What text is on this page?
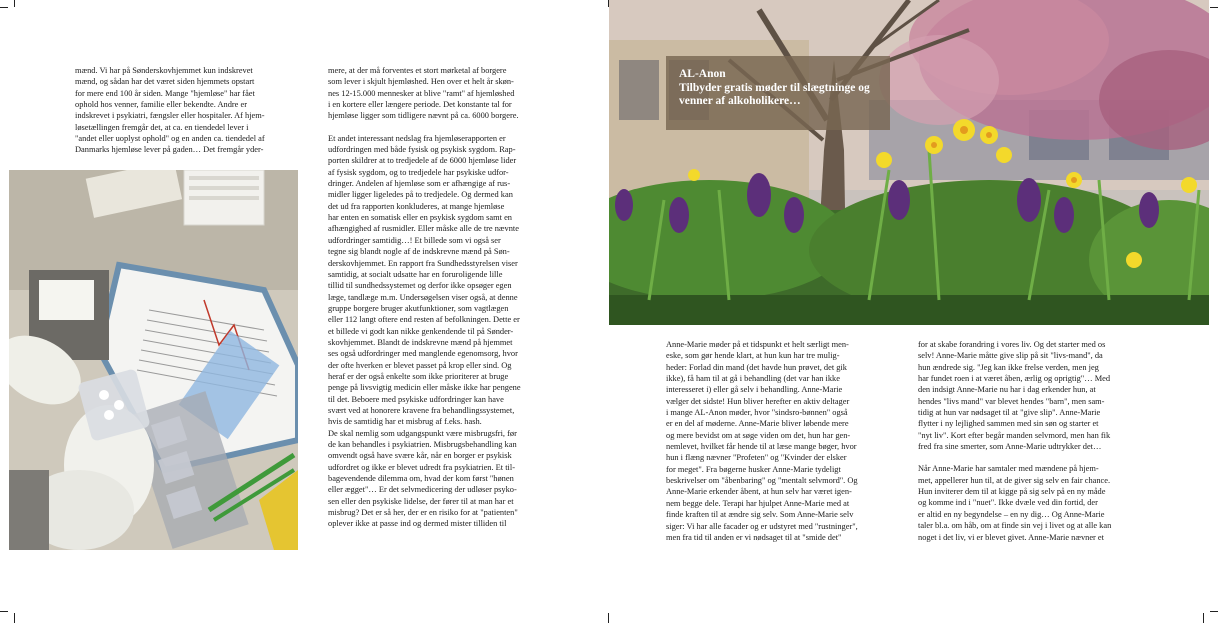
mænd. Vi har på Sønderskovhjemmet kun indskrevet
mænd, og sådan har det været siden hjemmets opstart
for mere end 100 år siden. Mange "hjemløse" har fået
ophold hos venner, familie eller bekendte. Andre er
indskrevet i psykiatri, fængsler eller hospitaler. Af hjem-
løsetællingen fremgår det, at ca. en tiendedel lever i
"andet eller uoplyst ophold" og en anden ca. tiendedel af
Danmarks hjemløse lever på gaden… Det fremgår yder-

mere, at der må forventes et stort mørketal af borgere
som lever i skjult hjemløshed. Hen over et helt år skøn-
nes 12-15.000 mennesker at blive "ramt" af hjemløshed
i en kortere eller længere periode. Det konstante tal for
hjemløse ligger som tidligere nævnt på ca. 6000 borgere.

Et andet interessant nedslag fra hjemløserapporten er
udfordringen med både fysisk og psykisk sygdom. Rap-
porten skildrer at to tredjedele af de 6000 hjemløse lider
af fysisk sygdom, og to tredjedele har psykiske udfor-
dringer. Andelen af hjemløse som er afhængige af rus-
midler ligger ligeledes på to tredjedele. Og dermed kan
det ud fra rapporten konkluderes, at mange hjemløse
har enten en somatisk eller en psykisk sygdom samt en
afhængighed af rusmidler. Eller måske alle de tre nævnte
udfordringer samtidig…! Et billede som vi også ser
tegne sig blandt nogle af de indskrevne mænd på Søn-
derskovhjemmet. En rapport fra Sundhedsstyrelsen viser
samtidig, at socialt udsatte har en forurolige​nde lille
tillid til sundhedssystemet og derfor ikke opsøger egen
læge, tandlæge m.m. Undersøgelsen viser også, at denne
gruppe borgere bruger akutfunktioner, som vagtlægen
eller 112 langt oftere end resten af befolkningen. Dette er
et billede vi godt kan nikke genkendende til på Sønder-
skovhjemmet. Blandt de indskrevne mænd på hjemmet
ses også udfordringer med manglende egenomsorg, hvor
der ofte hverken er blevet passet på krop eller sind. Og
heraf er der også enkelte som ikke prioriterer at bruge
penge på livsvigtig medicin eller måske ikke har pengene
til det. Beboere med psykiske udfordringer kan have
svært ved at honorere kravene fra behandlingssystemet,
hvis de samtidig har et misbrug af f.eks. hash.

De skal nemlig som udgangspunkt være misbrugsfri, før
de kan behandles i psykiatrien. Misbrugsbehandling kan
omvendt også have svære kår, når en borger er psykisk
udfordret og ikke er blevet udredt fra psykiatrien. Et til-
bagevendende dilemma om, hvad der kom først "hønen
eller ægget"… Er det selvmedicering der udløser psyko-
sen eller den psykiske lidelse, der fører til at man har et
misbrug? Det er så her, der er en risiko for at "patienten"
oplever ikke at passe ind og dermed mister tilliden til

AL-Anon
Tilbyder gratis møder til slægtninge og
venner af alkoholikere…

Anne-Marie møder på et tidspunkt et helt særligt men-
eske, som gør hende klart, at hun kun har tre mulig-
heder: Forlad din mand (det havde hun prøvet, det gik
ikke), få ham til at gå i behandling (det var han ikke
interesseret i) eller gå selv i behandling. Anne-Marie
vælger det sidste! Hun bliver herefter en aktiv deltager
i mange AL-Anon møder, hvor "sindsro-bønnen" også
er en del af møderne. Anne-Marie bliver løbende mere
og mere bevidst om at søge viden om det, hun har gen-
nemlevet, hvilket får hende til at læse mange bøger, hvor
hun i flæng nævner "Profeten" og "Kvinder der elsker
for meget". Fra bøgerne husker Anne-Marie tydeligt
beskrivelser om "åbenbaring" og "mentalt selvmord". Og
Anne-Marie erkender åbent, at hun selv har været igen-
nem begge dele. Terapi har hjulpet Anne-Marie med at
finde kraften til at ændre sig selv. Som Anne-Marie selv
siger: Vi har alle facader og er udstyret med "rustninger",
men fra tid til anden er vi nødsaget til at "smide det"

for at skabe forandring i vores liv. Og det starter med os
selv! Anne-Marie måtte give slip på sit "livs-mand", da
hun ændrede sig. "Jeg kan ikke frelse verden, men jeg
har fundet roen i at været åben, ærlig og oprigtig"… Med
den indsigt Anne-Marie nu har i dag erkender hun, at
hendes "livs mand" var blevet hendes "barn", men sam-
tidig at hun var nødsaget til at "give slip". Anne-Marie
flytter i ny lejlighed sammen med sin søn og starter et
"nyt liv". Kort efter begår manden selvmord, men han fik
fred fra sine smerter, som Anne-Marie udtrykker det…

Når Anne-Marie har samtaler med mændene på hjem-
met, appellerer hun til, at de giver sig selv en fair chance.
Hun inviterer dem til at kigge på sig selv på en ny måde
og komme ind i "nuet". Ikke dvæle ved din fortid, der
er altid en ny begyndelse – en ny dig… Og Anne-Marie
taler bl.a. om håb, om at finde sin vej i livet og at alle kan
noget i det liv, vi er blevet givet. Anne-Marie nævner et
